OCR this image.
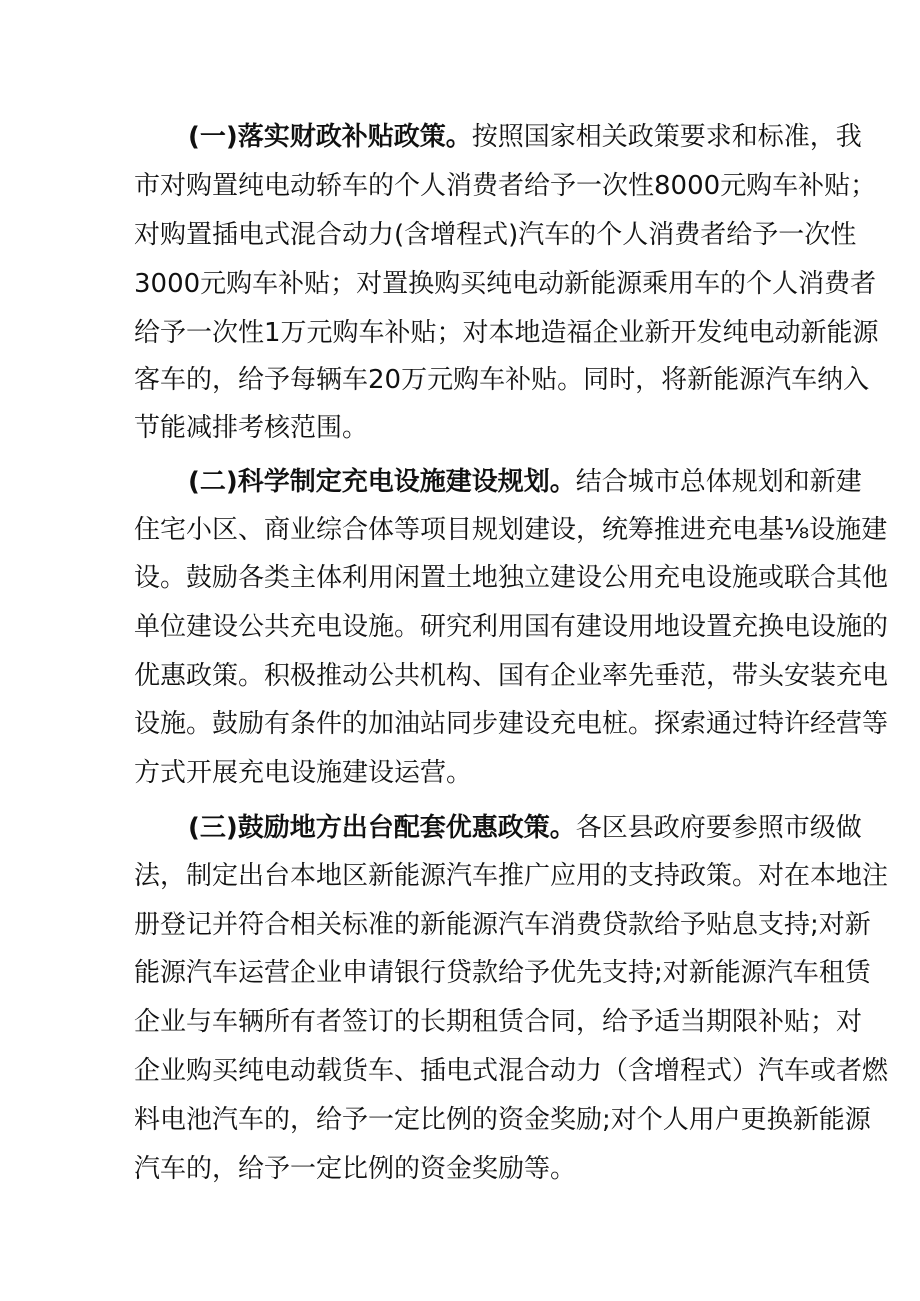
(一)落实财政补贴政策。按照国家相关政策要求和标准，我
市对购置纯电动轿车的个人消费者给予一次性8000元购车补贴；
对购置插电式混合动力(含增程式)汽车的个人消费者给予一次性
3000元购车补贴；对置换购买纯电动新能源乘用车的个人消费者
给予一次性1万元购车补贴；对本地造福企业新开发纯电动新能源
客车的，给予每辆车20万元购车补贴。同时，将新能源汽车纳入
节能减排考核范围。
(二)科学制定充电设施建设规划。结合城市总体规划和新建
住宅小区、商业综合体等项目规划建设，统筹推进充电基⅛设施建
设。鼓励各类主体利用闲置土地独立建设公用充电设施或联合其他
单位建设公共充电设施。研究利用国有建设用地设置充换电设施的
优惠政策。积极推动公共机构、国有企业率先垂范，带头安装充电
设施。鼓励有条件的加油站同步建设充电桩。探索通过特许经营等
方式开展充电设施建设运营。
(三)鼓励地方出台配套优惠政策。各区县政府要参照市级做
法，制定出台本地区新能源汽车推广应用的支持政策。对在本地注
册登记并符合相关标准的新能源汽车消费贷款给予贴息支持;对新
能源汽车运营企业申请银行贷款给予优先支持;对新能源汽车租赁
企业与车辆所有者签订的长期租赁合同，给予适当期限补贴；对
企业购买纯电动载货车、插电式混合动力（含增程式）汽车或者燃
料电池汽车的，给予一定比例的资金奖励;对个人用户更换新能源
汽车的，给予一定比例的资金奖励等。
